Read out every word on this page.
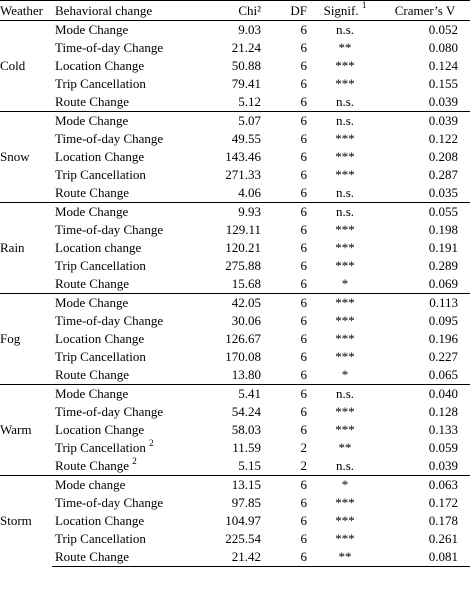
Weather	Behavioral change	Chi²	DF	Signif. $^1$	Cramer’s V
Cold	Mode Change	9.03	6	n.s.	0.052
	Time-of-day Change	21.24	6	**	0.080
	Location Change	50.88	6	***	0.124
	Trip Cancellation	79.41	6	***	0.155
	Route Change	5.12	6	n.s.	0.039
Snow	Mode Change	5.07	6	n.s.	0.039
	Time-of-day Change	49.55	6	***	0.122
	Location Change	143.46	6	***	0.208
	Trip Cancellation	271.33	6	***	0.287
	Route Change	4.06	6	n.s.	0.035
Rain	Mode Change	9.93	6	n.s.	0.055
	Time-of-day Change	129.11	6	***	0.198
	Location change	120.21	6	***	0.191
	Trip Cancellation	275.88	6	***	0.289
	Route Change	15.68	6	*	0.069
Fog	Mode Change	42.05	6	***	0.113
	Time-of-day Change	30.06	6	***	0.095
	Location Change	126.67	6	***	0.196
	Trip Cancellation	170.08	6	***	0.227
	Route Change	13.80	6	*	0.065
Warm	Mode Change	5.41	6	n.s.	0.040
	Time-of-day Change	54.24	6	***	0.128
	Location Change	58.03	6	***	0.133
	Trip Cancellation $^2$	11.59	2	**	0.059
	Route Change $^2$	5.15	2	n.s.	0.039
Storm	Mode change	13.15	6	*	0.063
	Time-of-day Change	97.85	6	***	0.172
	Location Change	104.97	6	***	0.178
	Trip Cancellation	225.54	6	***	0.261
	Route Change	21.42	6	**	0.081
